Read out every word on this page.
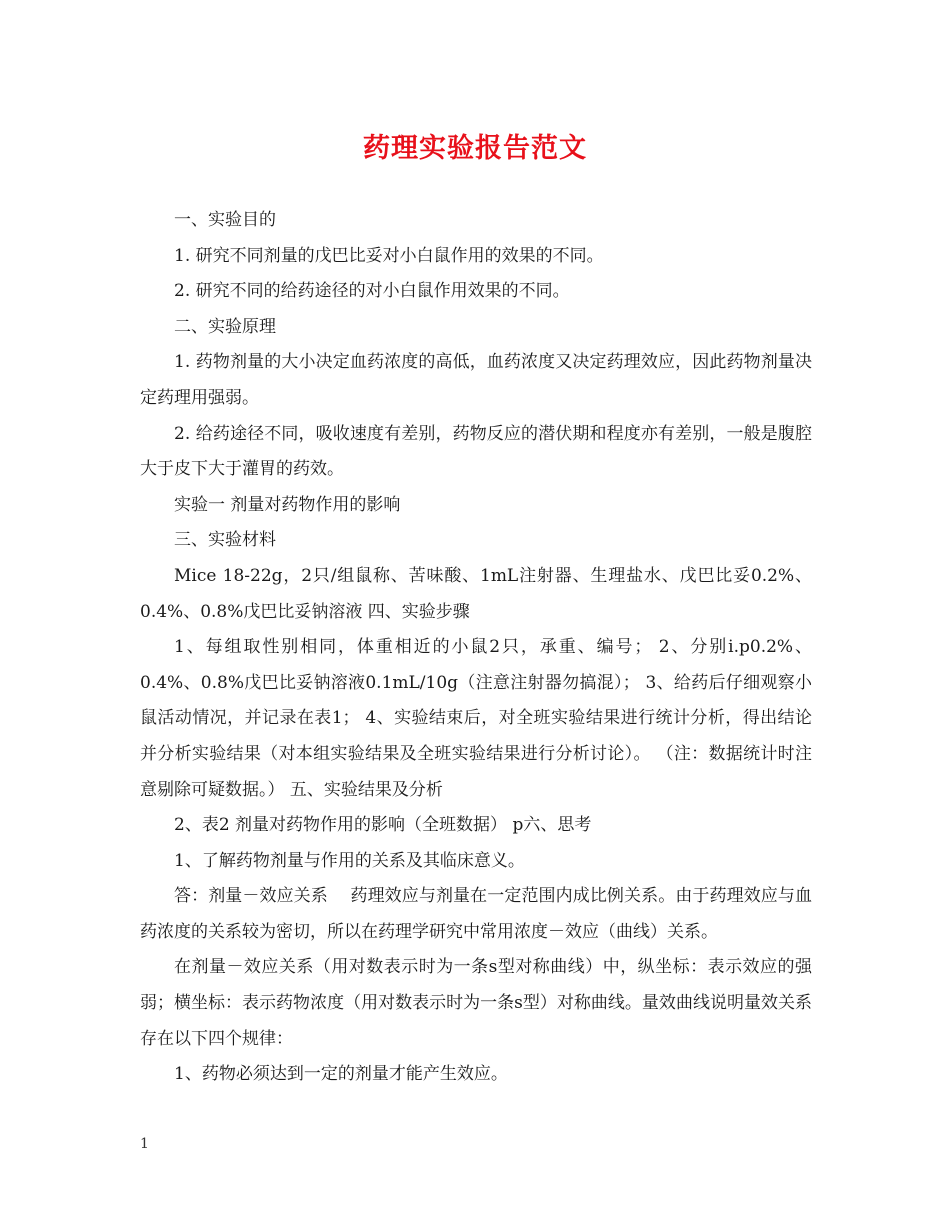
药理实验报告范文

一、实验目的

1. 研究不同剂量的戊巴比妥对小白鼠作用的效果的不同。

2. 研究不同的给药途径的对小白鼠作用效果的不同。

二、实验原理

1. 药物剂量的大小决定血药浓度的高低，血药浓度又决定药理效应，因此药物剂量决定药理用强弱。

2. 给药途径不同，吸收速度有差别，药物反应的潜伏期和程度亦有差别，一般是腹腔大于皮下大于灌胃的药效。

实验一 剂量对药物作用的影响

三、实验材料

Mice 18-22g，2只/组鼠称、苦味酸、1mL注射器、生理盐水、戊巴比妥0.2%、0.4%、0.8%戊巴比妥钠溶液 四、实验步骤

1、每组取性别相同，体重相近的小鼠2只，承重、编号； 2、分别i.p0.2%、0.4%、0.8%戊巴比妥钠溶液0.1mL/10g（注意注射器勿搞混）； 3、给药后仔细观察小鼠活动情况，并记录在表1； 4、实验结束后，对全班实验结果进行统计分析，得出结论并分析实验结果（对本组实验结果及全班实验结果进行分析讨论）。 （注：数据统计时注意剔除可疑数据。） 五、实验结果及分析

2、表2 剂量对药物作用的影响（全班数据） p六、思考

1、了解药物剂量与作用的关系及其临床意义。

答：剂量－效应关系　 药理效应与剂量在一定范围内成比例关系。由于药理效应与血药浓度的关系较为密切，所以在药理学研究中常用浓度－效应（曲线）关系。

在剂量－效应关系（用对数表示时为一条s型对称曲线）中，纵坐标：表示效应的强弱；横坐标：表示药物浓度（用对数表示时为一条s型）对称曲线。量效曲线说明量效关系存在以下四个规律：

1、药物必须达到一定的剂量才能产生效应。

1
